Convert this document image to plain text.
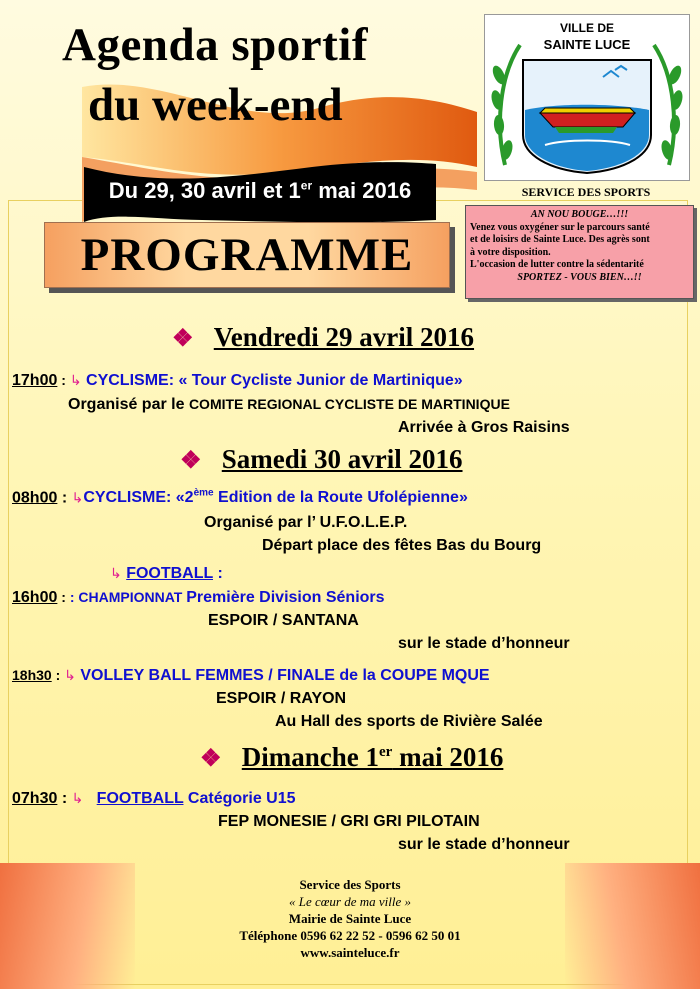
Agenda sportif
du week-end
Du 29, 30 avril et 1er mai 2016
VILLE DE
SAINTE LUCE
SERVICE DES SPORTS
PROGRAMME
AN NOU BOUGE…!!!
Venez vous oxygéner sur le parcours santé
et de loisirs de Sainte Luce. Des agrès sont
à votre disposition.
L'occasion de lutter contre la sédentarité
SPORTEZ - VOUS BIEN…!!
❖ Vendredi 29 avril 2016
17h00 : ↳ CYCLISME: « Tour Cycliste Junior de Martinique»
Organisé par le COMITE REGIONAL CYCLISTE DE MARTINIQUE
Arrivée à Gros Raisins
❖ Samedi 30 avril 2016
08h00 : ↳CYCLISME: «2ème Edition de la Route Ufolépienne»
Organisé par l’ U.F.O.L.E.P.
Départ place des fêtes Bas du Bourg
↳ FOOTBALL :
16h00 : : CHAMPIONNAT Première Division Séniors
ESPOIR / SANTANA
sur le stade d’honneur
18h30 : ↳ VOLLEY BALL FEMMES / FINALE de la COUPE MQUE
ESPOIR / RAYON
Au Hall des sports de Rivière Salée
❖ Dimanche 1er mai 2016
07h30 : ↳ FOOTBALL Catégorie U15
FEP MONESIE / GRI GRI PILOTAIN
sur le stade d’honneur
Service des Sports
« Le cœur de ma ville »
Mairie de Sainte Luce
Téléphone 0596 62 22 52 - 0596 62 50 01
www.sainteluce.fr
